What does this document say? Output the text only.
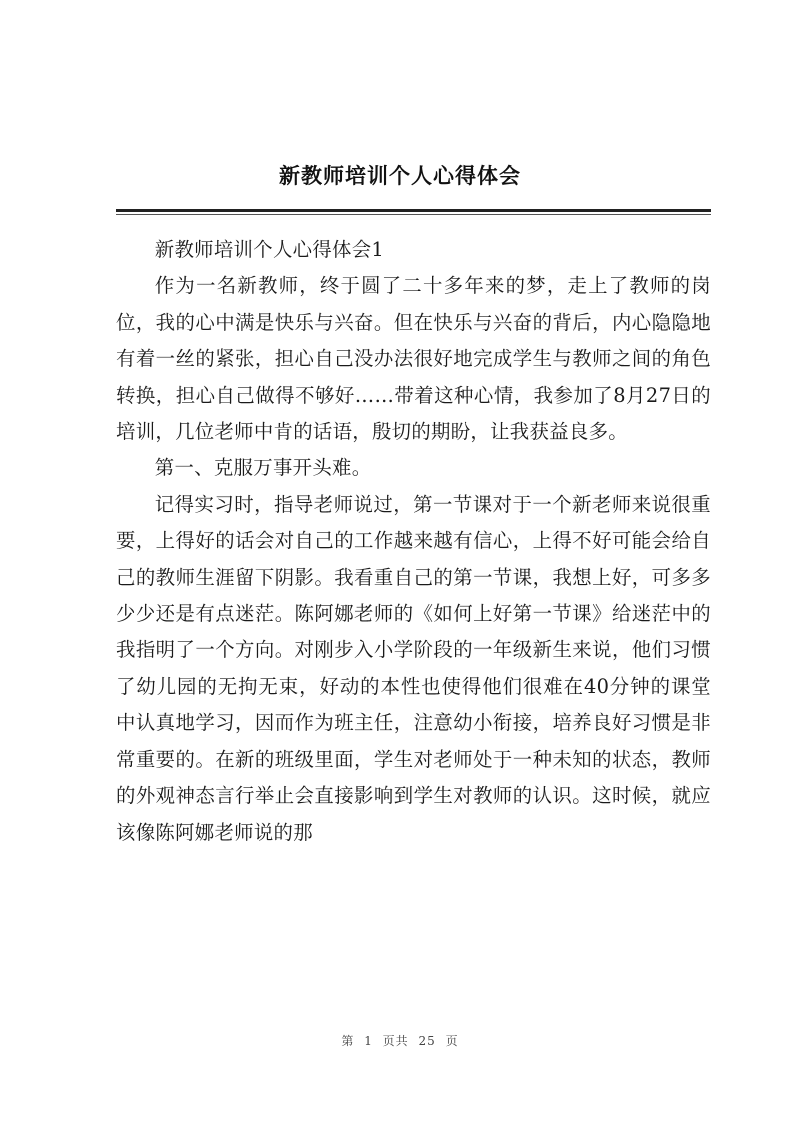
新教师培训个人心得体会

新教师培训个人心得体会1

作为一名新教师，终于圆了二十多年来的梦，走上了教师的岗位，我的心中满是快乐与兴奋。但在快乐与兴奋的背后，内心隐隐地有着一丝的紧张，担心自己没办法很好地完成学生与教师之间的角色转换，担心自己做得不够好……带着这种心情，我参加了8月27日的培训，几位老师中肯的话语，殷切的期盼，让我获益良多。

第一、克服万事开头难。

记得实习时，指导老师说过，第一节课对于一个新老师来说很重要，上得好的话会对自己的工作越来越有信心，上得不好可能会给自己的教师生涯留下阴影。我看重自己的第一节课，我想上好，可多多少少还是有点迷茫。陈阿娜老师的《如何上好第一节课》给迷茫中的我指明了一个方向。对刚步入小学阶段的一年级新生来说，他们习惯了幼儿园的无拘无束，好动的本性也使得他们很难在40分钟的课堂中认真地学习，因而作为班主任，注意幼小衔接，培养良好习惯是非常重要的。在新的班级里面，学生对老师处于一种未知的状态，教师的外观神态言行举止会直接影响到学生对教师的认识。这时候，就应该像陈阿娜老师说的那

第 1 页共 25 页
